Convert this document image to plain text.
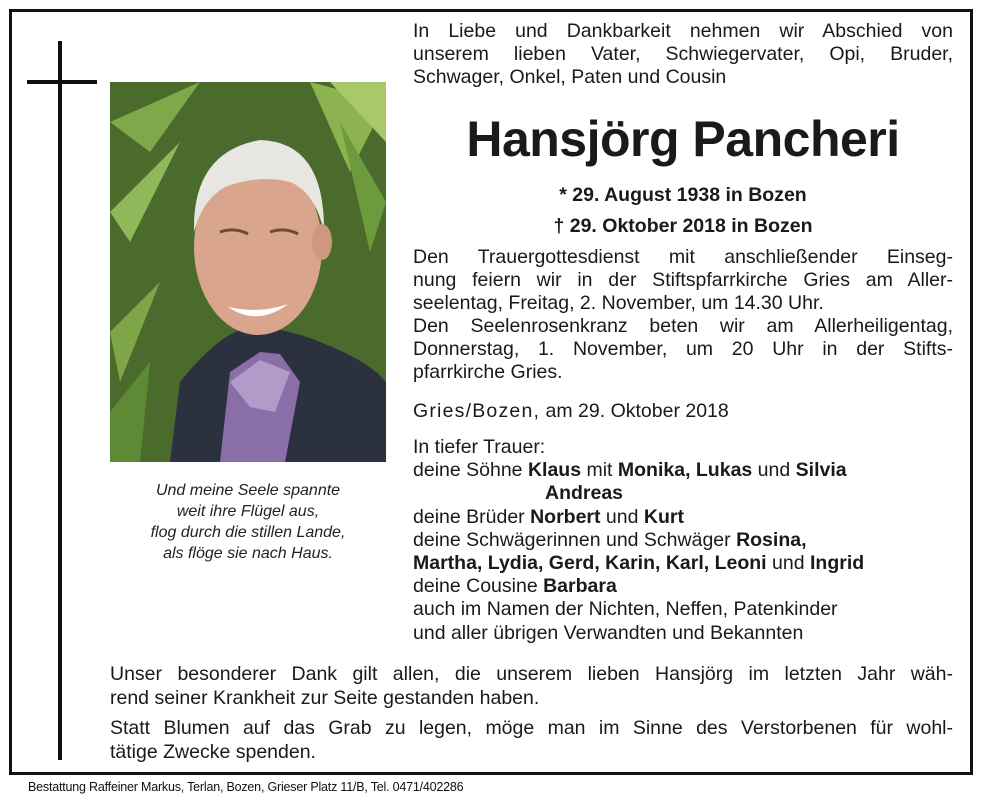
Und meine Seele spannte
weit ihre Flügel aus,
flog durch die stillen Lande,
als flöge sie nach Haus.
In Liebe und Dankbarkeit nehmen wir Abschied von
unserem lieben Vater, Schwiegervater, Opi, Bruder,
Schwager, Onkel, Paten und Cousin
Hansjörg Pancheri
* 29. August 1938 in Bozen
† 29. Oktober 2018 in Bozen
Den Trauergottesdienst mit anschließender Einseg-
nung feiern wir in der Stiftspfarrkirche Gries am Aller-
seelentag, Freitag, 2. November, um 14.30 Uhr.
Den Seelenrosenkranz beten wir am Allerheiligentag,
Donnerstag, 1. November, um 20 Uhr in der Stifts-
pfarrkirche Gries.
Gries/Bozen, am 29. Oktober 2018
In tiefer Trauer:
deine Söhne Klaus mit Monika, Lukas und Silvia
Andreas
deine Brüder Norbert und Kurt
deine Schwägerinnen und Schwäger Rosina,
Martha, Lydia, Gerd, Karin, Karl, Leoni und Ingrid
deine Cousine Barbara
auch im Namen der Nichten, Neffen, Patenkinder
und aller übrigen Verwandten und Bekannten
Unser besonderer Dank gilt allen, die unserem lieben Hansjörg im letzten Jahr wäh-
rend seiner Krankheit zur Seite gestanden haben.
Statt Blumen auf das Grab zu legen, möge man im Sinne des Verstorbenen für wohl-
tätige Zwecke spenden.
Bestattung Raffeiner Markus, Terlan, Bozen, Grieser Platz 11/B, Tel. 0471/402286
